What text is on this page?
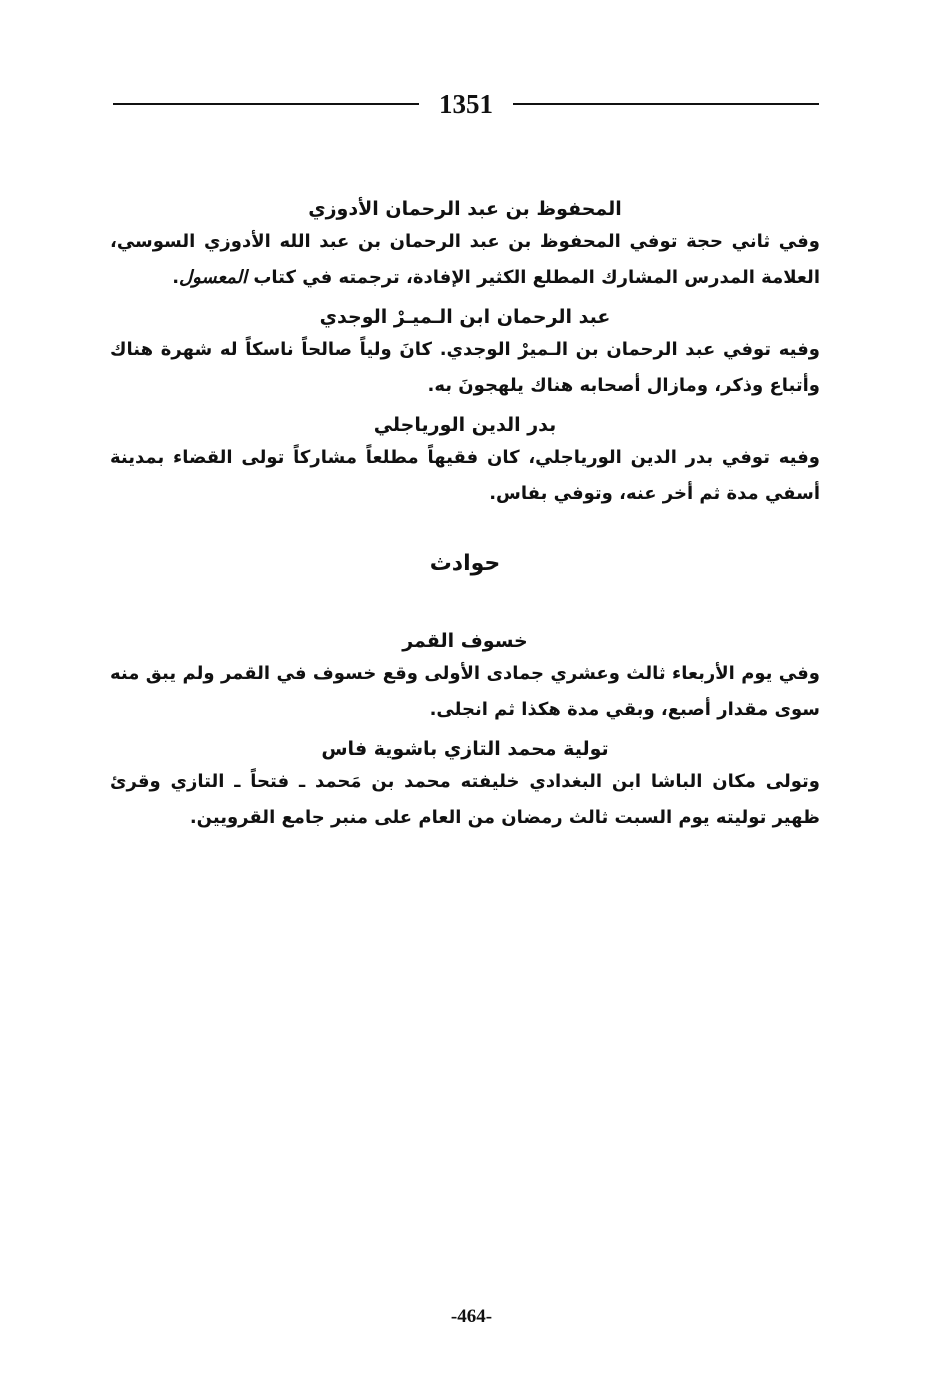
1351
المحفوظ بن عبد الرحمان الأدوزي

وفي ثاني حجة توفي المحفوظ بن عبد الرحمان بن عبد الله الأدوزي السوسي، العلامة المدرس المشارك المطلع الكثير الإفادة، ترجمته في كتاب المعسول.

عبد الرحمان ابن الـميـرْ الوجدي

وفيه توفي عبد الرحمان بن الـميرْ الوجدي. كانَ ولياً صالحاً ناسكاً له شهرة هناك وأتباع وذكر، ومازال أصحابه هناك يلهجونَ به.

بدر الدين الورياجلي

وفيه توفي بدر الدين الورياجلي، كان فقيهاً مطلعاً مشاركاً تولى القضاء بمدينة أسفي مدة ثم أخر عنه، وتوفي بفاس.

حوادث
خسوف القمر

وفي يوم الأربعاء ثالث وعشري جمادى الأولى وقع خسوف في القمر ولم يبق منه سوى مقدار أصبع، وبقي مدة هكذا ثم انجلى.

تولية محمد التازي باشوية فاس

وتولى مكان الباشا ابن البغدادي خليفته محمد بن مَحمد ـ فتحاً ـ التازي وقرئ ظهير توليته يوم السبت ثالث رمضان من العام على منبر جامع القرويين.

-464-
